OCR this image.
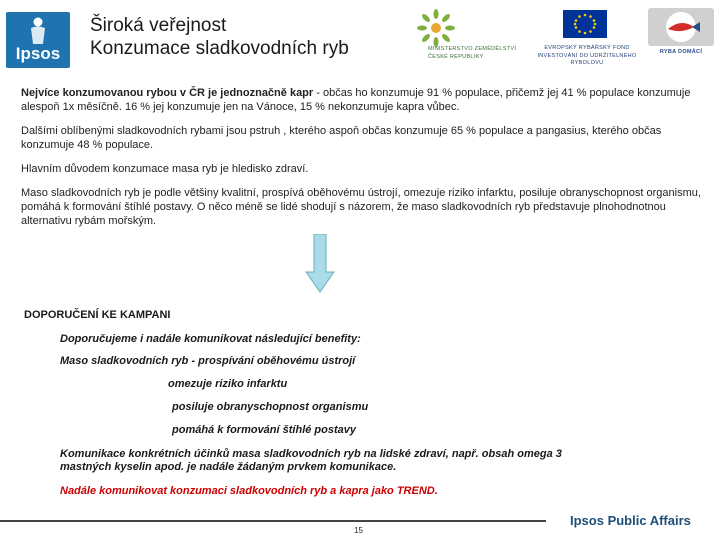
Ipsos
Široká veřejnost
Konzumace sladkovodních ryb	MINISTERSTVO ZEMĚDĚLSTVÍ
ČESKÉ REPUBLIKY
EVROPSKÝ RYBÁŘSKÝ FOND
INVESTOVÁNÍ DO UDRŽITELNÉHO
RYBOLOVU
RYBA DOMÁCÍ

Nejvíce konzumovanou rybou v ČR je jednoznačně kapr - občas ho konzumuje 91 % populace, přičemž jej 41 % populace konzumuje alespoň 1x měsíčně. 16 % jej konzumuje jen na Vánoce, 15 % nekonzumuje kapra vůbec.

Dalšími oblíbenými sladkovodních rybami jsou pstruh , kterého aspoň občas konzumuje 65 % populace a pangasius, kterého občas konzumuje 48 % populace.

Hlavním důvodem konzumace masa ryb je hledisko zdraví.

Maso sladkovodních ryb je podle většiny kvalitní, prospívá oběhovému ústrojí, omezuje riziko infarktu, posiluje obranyschopnost organismu, pomáhá k formování štíhlé postavy. O něco méně se lidé shodují s názorem, že maso sladkovodních ryb představuje plnohodnotnou alternativu rybám mořským.

DOPORUČENÍ KE KAMPANI
Doporučujeme i nadále komunikovat následující benefity:
Maso sladkovodních ryb - prospívání oběhovému ústrojí
omezuje riziko infarktu
posiluje obranyschopnost organismu
pomáhá k formování štíhlé postavy
Komunikace konkrétních účinků masa sladkovodních ryb na lidské zdraví, např. obsah omega 3
mastných kyselin apod. je nadále žádaným prvkem komunikace.
Nadále komunikovat konzumaci sladkovodních ryb a kapra jako TREND.
15
Ipsos Public Affairs
